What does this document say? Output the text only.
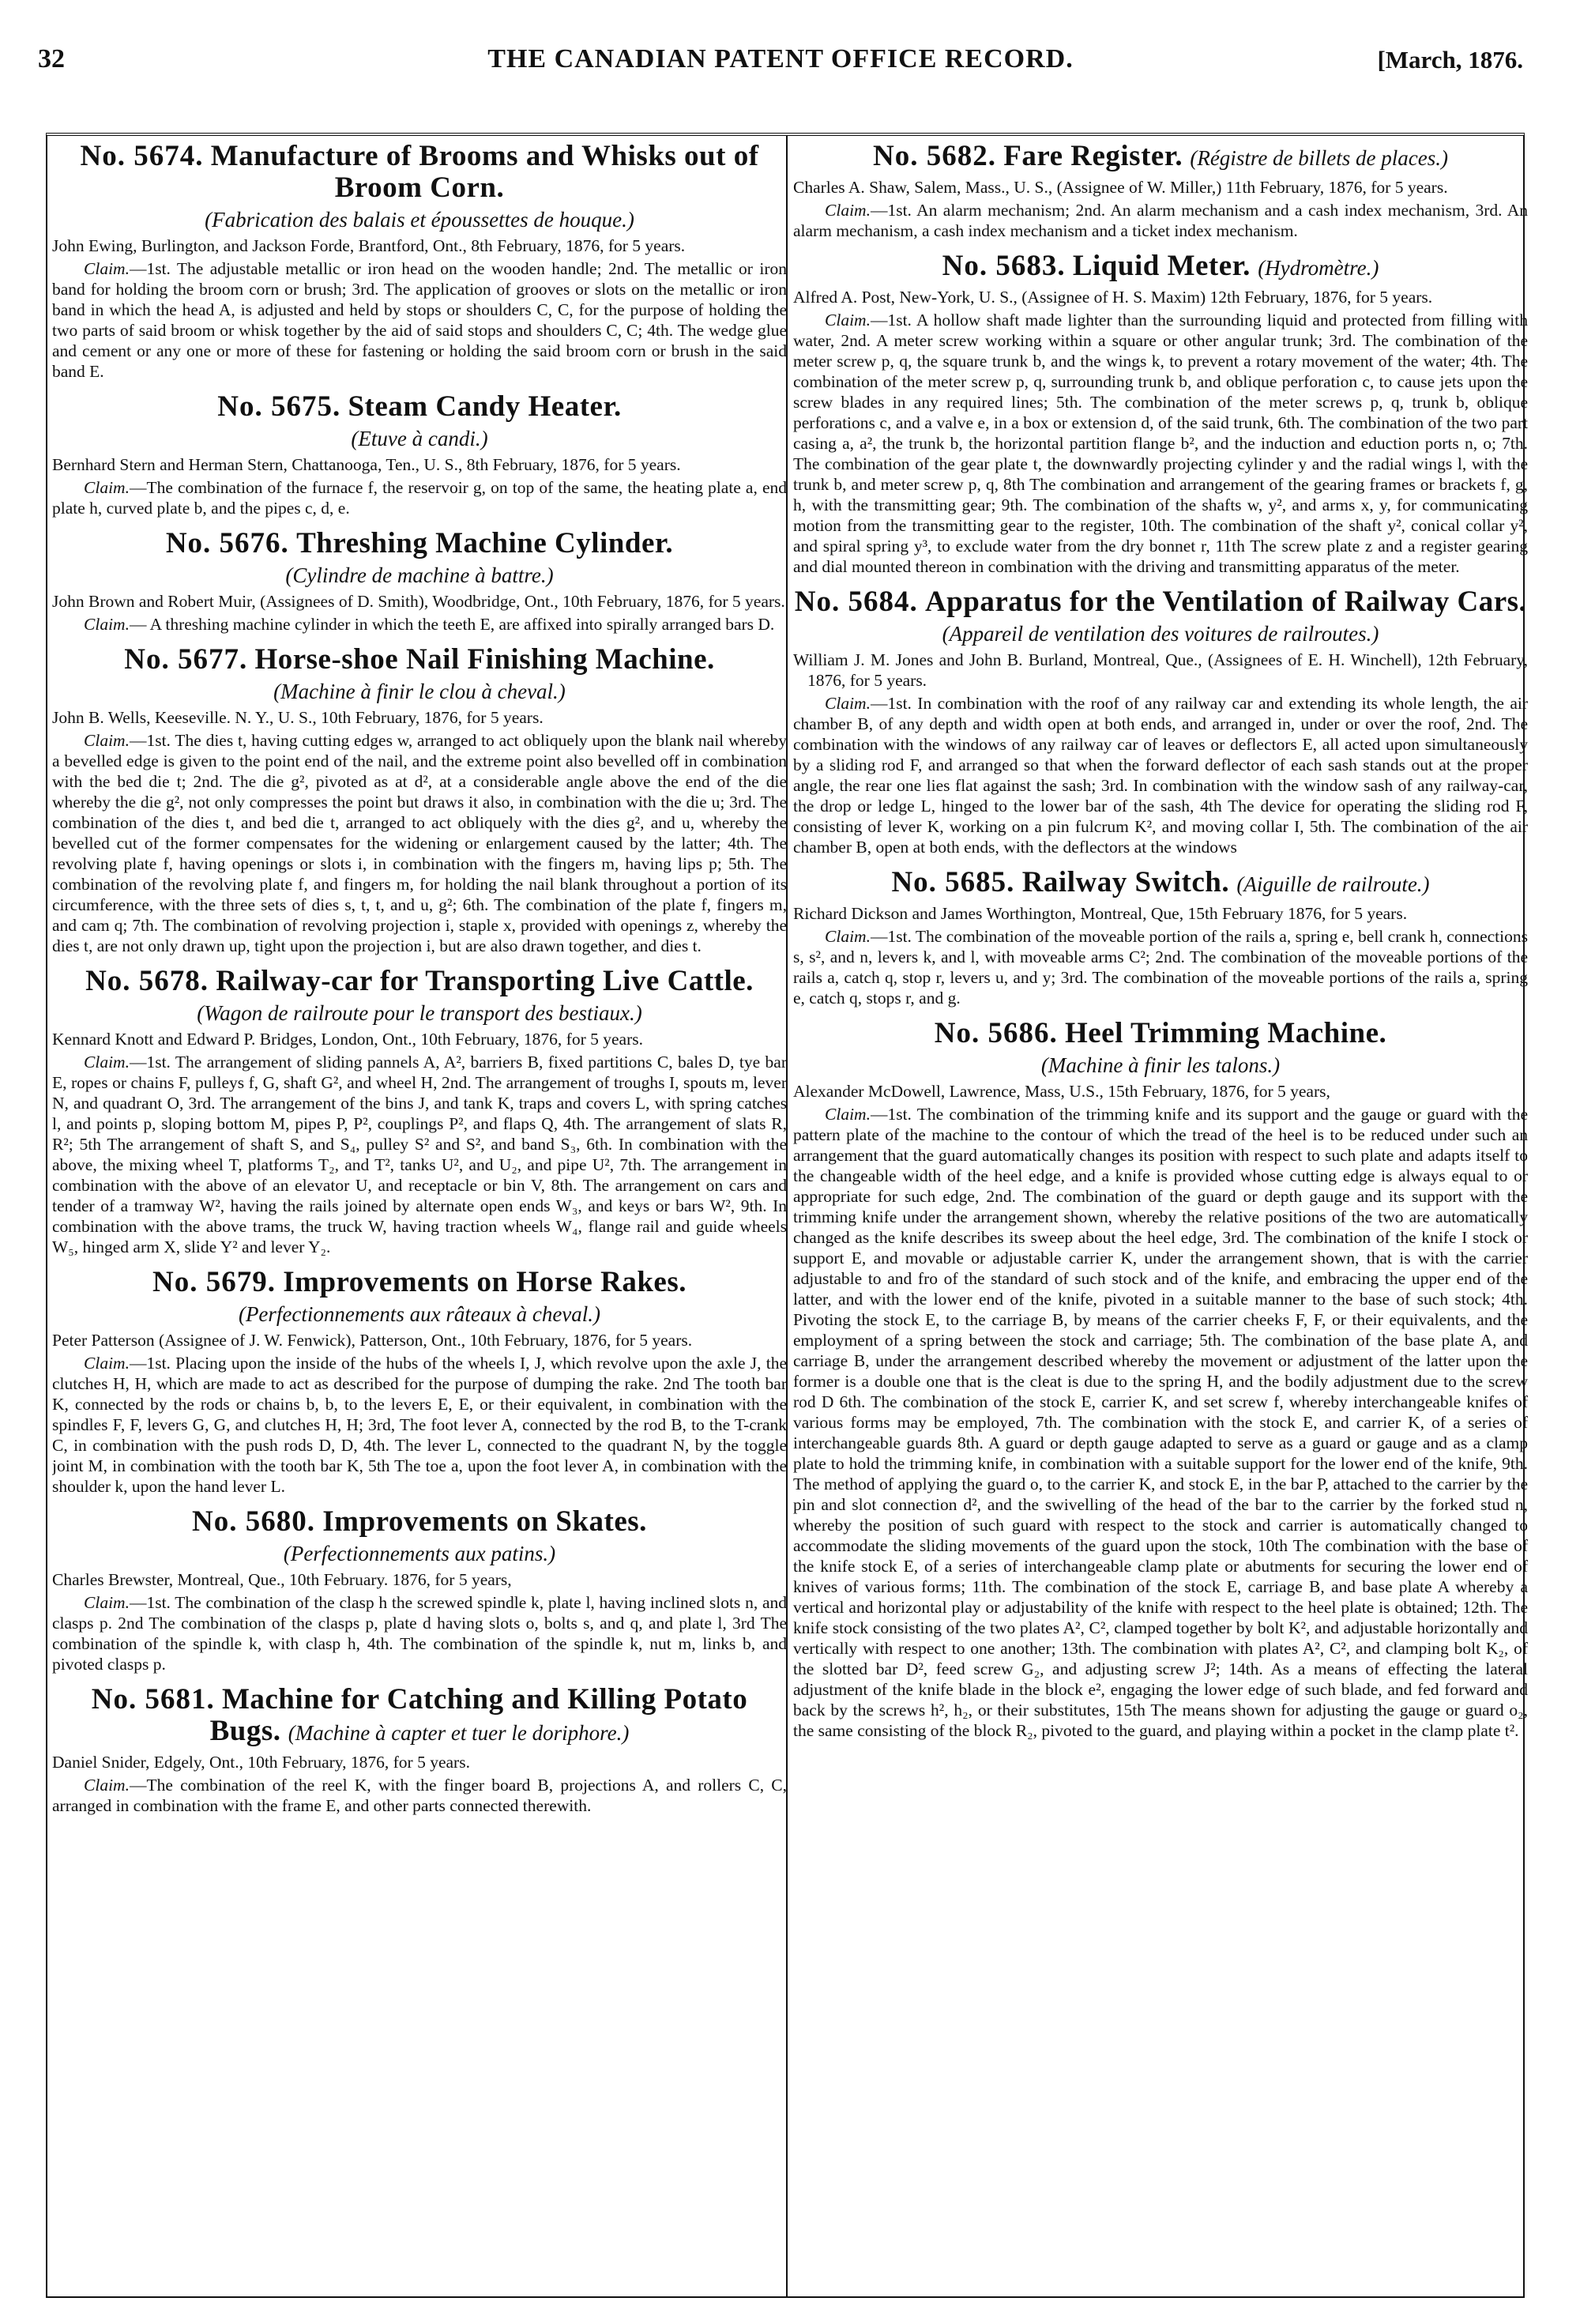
32	THE CANADIAN PATENT OFFICE RECORD.	[March, 1876.
No. 5674. Manufacture of Brooms and Whisks out of Broom Corn.
(Fabrication des balais et époussettes de houque.)

John Ewing, Burlington, and Jackson Forde, Brantford, Ont., 8th February, 1876, for 5 years.

Claim.—1st. The adjustable metallic or iron head on the wooden handle; 2nd. The metallic or iron band for holding the broom corn or brush; 3rd. The application of grooves or slots on the metallic or iron band in which the head A, is adjusted and held by stops or shoulders C, C, for the purpose of holding the two parts of said broom or whisk together by the aid of said stops and shoulders C, C; 4th. The wedge glue and cement or any one or more of these for fastening or holding the said broom corn or brush in the said band E.

No. 5675. Steam Candy Heater.
(Etuve à candi.)

Bernhard Stern and Herman Stern, Chattanooga, Ten., U. S., 8th February, 1876, for 5 years.

Claim.—The combination of the furnace f, the reservoir g, on top of the same, the heating plate a, end plate h, curved plate b, and the pipes c, d, e.

No. 5676. Threshing Machine Cylinder.
(Cylindre de machine à battre.)

John Brown and Robert Muir, (Assignees of D. Smith), Woodbridge, Ont., 10th February, 1876, for 5 years.

Claim.— A threshing machine cylinder in which the teeth E, are affixed into spirally arranged bars D.

No. 5677. Horse-shoe Nail Finishing Machine.
(Machine à finir le clou à cheval.)

John B. Wells, Keeseville. N. Y., U. S., 10th February, 1876, for 5 years.

Claim.—1st. The dies t, having cutting edges w, arranged to act obliquely upon the blank nail whereby a bevelled edge is given to the point end of the nail, and the extreme point also bevelled off in combination with the bed die t; 2nd. The die g², pivoted as at d², at a considerable angle above the end of the die whereby the die g², not only compresses the point but draws it also, in combination with the die u; 3rd. The combination of the dies t, and bed die t, arranged to act obliquely with the dies g², and u, whereby the bevelled cut of the former compensates for the widening or enlargement caused by the latter; 4th. The revolving plate f, having openings or slots i, in combination with the fingers m, having lips p; 5th. The combination of the revolving plate f, and fingers m, for holding the nail blank throughout a portion of its circumference, with the three sets of dies s, t, t, and u, g²; 6th. The combination of the plate f, fingers m, and cam q; 7th. The combination of revolving projection i, staple x, provided with openings z, whereby the dies t, are not only drawn up, tight upon the projection i, but are also drawn together, and dies t.

No. 5678. Railway-car for Transporting Live Cattle.
(Wagon de railroute pour le transport des bestiaux.)

Kennard Knott and Edward P. Bridges, London, Ont., 10th February, 1876, for 5 years.

Claim.—1st. The arrangement of sliding pannels A, A², barriers B, fixed partitions C, bales D, tye bar E, ropes or chains F, pulleys f, G, shaft G², and wheel H, 2nd. The arrangement of troughs I, spouts m, lever N, and quadrant O, 3rd. The arrangement of the bins J, and tank K, traps and covers L, with spring catches l, and points p, sloping bottom M, pipes P, P², couplings P², and flaps Q, 4th. The arrangement of slats R, R²; 5th The arrangement of shaft S, and S₄, pulley S² and S², and band S₃, 6th. In combination with the above, the mixing wheel T, platforms T₂, and T², tanks U², and U₂, and pipe U², 7th. The arrangement in combination with the above of an elevator U, and receptacle or bin V, 8th. The arrangement on cars and tender of a tramway W², having the rails joined by alternate open ends W₃, and keys or bars W², 9th. In combination with the above trams, the truck W, having traction wheels W₄, flange rail and guide wheels W₅, hinged arm X, slide Y² and lever Y₂.

No. 5679. Improvements on Horse Rakes.
(Perfectionnements aux râteaux à cheval.)

Peter Patterson (Assignee of J. W. Fenwick), Patterson, Ont., 10th February, 1876, for 5 years.

Claim.—1st. Placing upon the inside of the hubs of the wheels I, J, which revolve upon the axle J, the clutches H, H, which are made to act as described for the purpose of dumping the rake. 2nd The tooth bar K, connected by the rods or chains b, b, to the levers E, E, or their equivalent, in combination with the spindles F, F, levers G, G, and clutches H, H; 3rd, The foot lever A, connected by the rod B, to the T-crank C, in combination with the push rods D, D, 4th. The lever L, connected to the quadrant N, by the toggle joint M, in combination with the tooth bar K, 5th The toe a, upon the foot lever A, in combination with the shoulder k, upon the hand lever L.

No. 5680. Improvements on Skates.
(Perfectionnements aux patins.)

Charles Brewster, Montreal, Que., 10th February. 1876, for 5 years,

Claim.—1st. The combination of the clasp h the screwed spindle k, plate l, having inclined slots n, and clasps p. 2nd The combination of the clasps p, plate d having slots o, bolts s, and q, and plate l, 3rd The combination of the spindle k, with clasp h, 4th. The combination of the spindle k, nut m, links b, and pivoted clasps p.

No. 5681. Machine for Catching and Killing Potato Bugs. (Machine à capter et tuer le doriphore.)

Daniel Snider, Edgely, Ont., 10th February, 1876, for 5 years.

Claim.—The combination of the reel K, with the finger board B, projections A, and rollers C, C, arranged in combination with the frame E, and other parts connected therewith.

No. 5682. Fare Register. (Régistre de billets de places.)

Charles A. Shaw, Salem, Mass., U. S., (Assignee of W. Miller,) 11th February, 1876, for 5 years.

Claim.—1st. An alarm mechanism; 2nd. An alarm mechanism and a cash index mechanism, 3rd. An alarm mechanism, a cash index mechanism and a ticket index mechanism.

No. 5683. Liquid Meter. (Hydromètre.)

Alfred A. Post, New-York, U. S., (Assignee of H. S. Maxim) 12th February, 1876, for 5 years.

Claim.—1st. A hollow shaft made lighter than the surrounding liquid and protected from filling with water, 2nd. A meter screw working within a square or other angular trunk; 3rd. The combination of the meter screw p, q, the square trunk b, and the wings k, to prevent a rotary movement of the water; 4th. The combination of the meter screw p, q, surrounding trunk b, and oblique perforation c, to cause jets upon the screw blades in any required lines; 5th. The combination of the meter screws p, q, trunk b, oblique perforations c, and a valve e, in a box or extension d, of the said trunk, 6th. The combination of the two part casing a, a², the trunk b, the horizontal partition flange b², and the induction and eduction ports n, o; 7th. The combination of the gear plate t, the downwardly projecting cylinder y and the radial wings l, with the trunk b, and meter screw p, q, 8th The combination and arrangement of the gearing frames or brackets f, g, h, with the transmitting gear; 9th. The combination of the shafts w, y², and arms x, y, for communicating motion from the transmitting gear to the register, 10th. The combination of the shaft y², conical collar y², and spiral spring y³, to exclude water from the dry bonnet r, 11th The screw plate z and a register gearing and dial mounted thereon in combination with the driving and transmitting apparatus of the meter.

No. 5684. Apparatus for the Ventilation of Railway Cars.
(Appareil de ventilation des voitures de railroutes.)

William J. M. Jones and John B. Burland, Montreal, Que., (Assignees of E. H. Winchell), 12th February, 1876, for 5 years.

Claim.—1st. In combination with the roof of any railway car and extending its whole length, the air chamber B, of any depth and width open at both ends, and arranged in, under or over the roof, 2nd. The combination with the windows of any railway car of leaves or deflectors E, all acted upon simultaneously by a sliding rod F, and arranged so that when the forward deflector of each sash stands out at the proper angle, the rear one lies flat against the sash; 3rd. In combination with the window sash of any railway-car, the drop or ledge L, hinged to the lower bar of the sash, 4th The device for operating the sliding rod F, consisting of lever K, working on a pin fulcrum K², and moving collar I, 5th. The combination of the air chamber B, open at both ends, with the deflectors at the windows

No. 5685. Railway Switch. (Aiguille de railroute.)

Richard Dickson and James Worthington, Montreal, Que, 15th February 1876, for 5 years.

Claim.—1st. The combination of the moveable portion of the rails a, spring e, bell crank h, connections s, s², and n, levers k, and l, with moveable arms C²; 2nd. The combination of the moveable portions of the rails a, catch q, stop r, levers u, and y; 3rd. The combination of the moveable portions of the rails a, spring e, catch q, stops r, and g.

No. 5686. Heel Trimming Machine.
(Machine à finir les talons.)

Alexander McDowell, Lawrence, Mass, U.S., 15th February, 1876, for 5 years,

Claim.—1st. The combination of the trimming knife and its support and the gauge or guard with the pattern plate of the machine to the contour of which the tread of the heel is to be reduced under such an arrangement that the guard automatically changes its position with respect to such plate and adapts itself to the changeable width of the heel edge, and a knife is provided whose cutting edge is always equal to or appropriate for such edge, 2nd. The combination of the guard or depth gauge and its support with the trimming knife under the arrangement shown, whereby the relative positions of the two are automatically changed as the knife describes its sweep about the heel edge, 3rd. The combination of the knife I stock or support E, and movable or adjustable carrier K, under the arrangement shown, that is with the carrier adjustable to and fro of the standard of such stock and of the knife, and embracing the upper end of the latter, and with the lower end of the knife, pivoted in a suitable manner to the base of such stock; 4th. Pivoting the stock E, to the carriage B, by means of the carrier cheeks F, F, or their equivalents, and the employment of a spring between the stock and carriage; 5th. The combination of the base plate A, and carriage B, under the arrangement described whereby the movement or adjustment of the latter upon the former is a double one that is the cleat is due to the spring H, and the bodily adjustment due to the screw rod D 6th. The combination of the stock E, carrier K, and set screw f, whereby interchangeable knifes of various forms may be employed, 7th. The combination with the stock E, and carrier K, of a series of interchangeable guards 8th. A guard or depth gauge adapted to serve as a guard or gauge and as a clamp plate to hold the trimming knife, in combination with a suitable support for the lower end of the knife, 9th. The method of applying the guard o, to the carrier K, and stock E, in the bar P, attached to the carrier by the pin and slot connection d², and the swivelling of the head of the bar to the carrier by the forked stud n, whereby the position of such guard with respect to the stock and carrier is automatically changed to accommodate the sliding movements of the guard upon the stock, 10th The combination with the base of the knife stock E, of a series of interchangeable clamp plate or abutments for securing the lower end of knives of various forms; 11th. The combination of the stock E, carriage B, and base plate A whereby a vertical and horizontal play or adjustability of the knife with respect to the heel plate is obtained; 12th. The knife stock consisting of the two plates A², C², clamped together by bolt K², and adjustable horizontally and vertically with respect to one another; 13th. The combination with plates A², C², and clamping bolt K₂, of the slotted bar D², feed screw G₂, and adjusting screw J²; 14th. As a means of effecting the lateral adjustment of the knife blade in the block e², engaging the lower edge of such blade, and fed forward and back by the screws h², h₂, or their substitutes, 15th The means shown for adjusting the gauge or guard o₂, the same consisting of the block R₂, pivoted to the guard, and playing within a pocket in the clamp plate t².
